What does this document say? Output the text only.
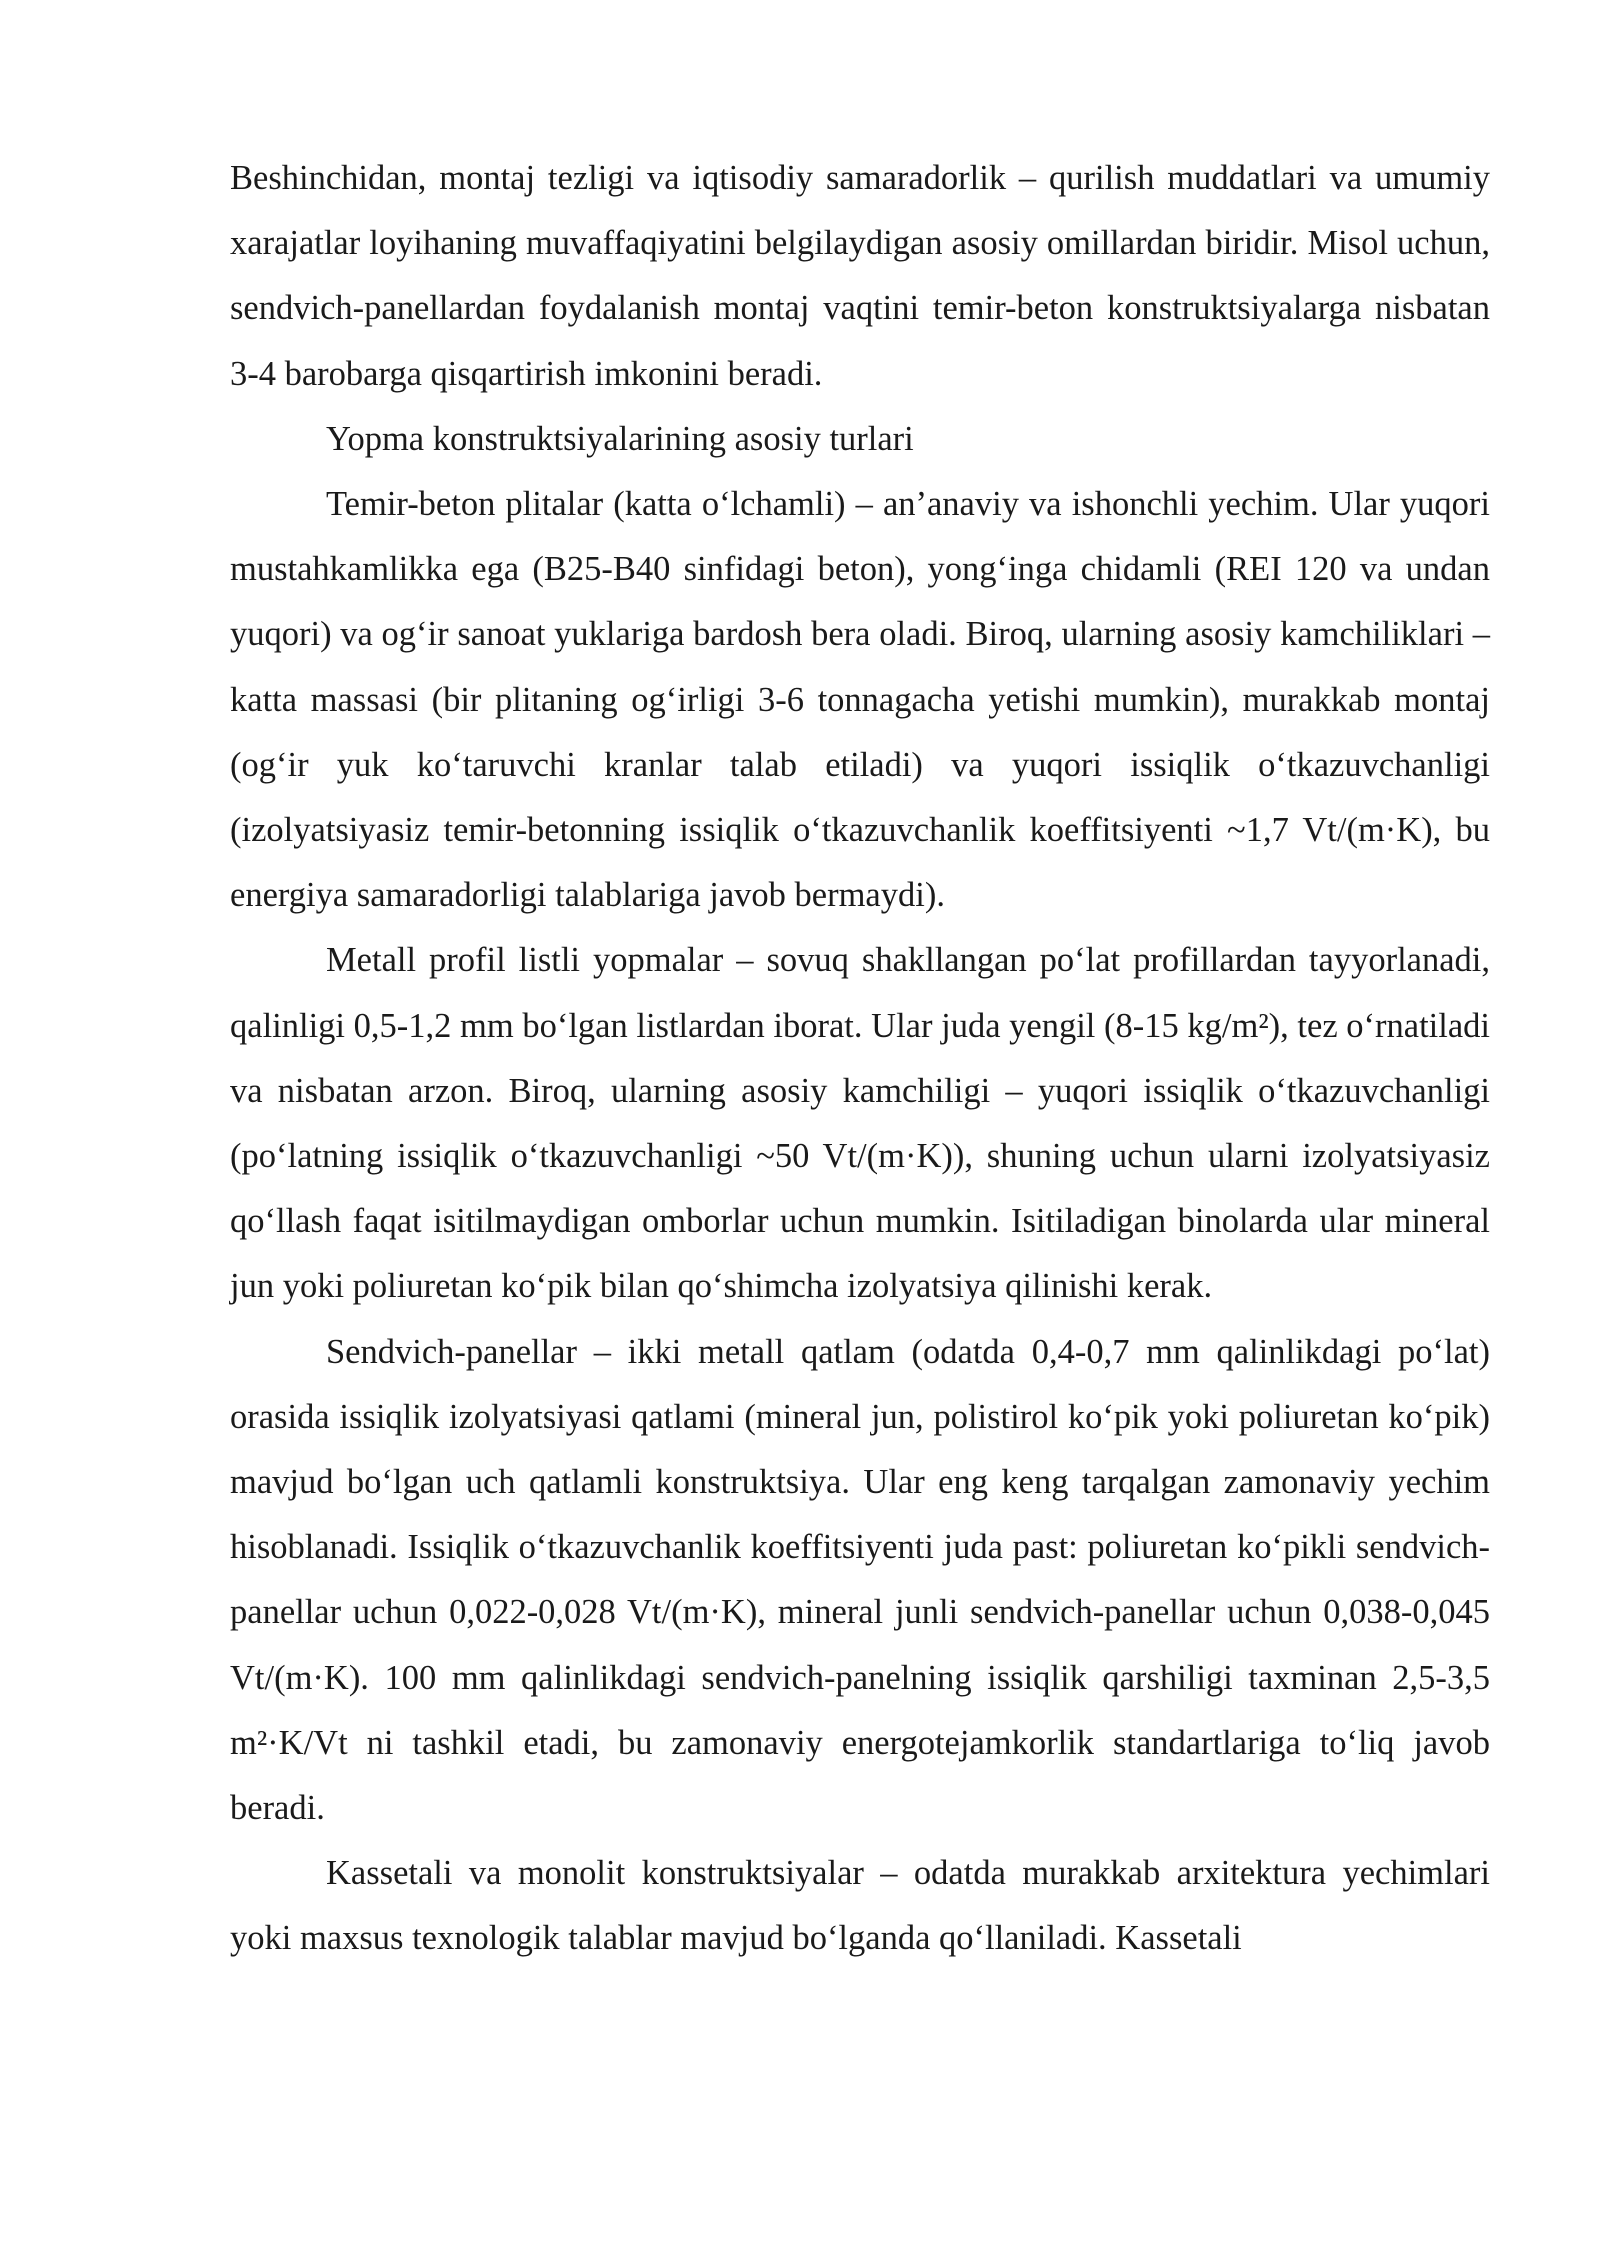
Beshinchidan, montaj tezligi va iqtisodiy samaradorlik – qurilish muddatlari va umumiy xarajatlar loyihaning muvaffaqiyatini belgilaydigan asosiy omillardan biridir. Misol uchun, sendvich-panellardan foydalanish montaj vaqtini temir-beton konstruktsiyalarga nisbatan 3-4 barobarga qisqartirish imkonini beradi.

Yopma konstruktsiyalarining asosiy turlari

Temir-beton plitalar (katta oʻlchamli) – an’anaviy va ishonchli yechim. Ular yuqori mustahkamlikka ega (B25-B40 sinfidagi beton), yongʻinga chidamli (REI 120 va undan yuqori) va ogʻir sanoat yuklariga bardosh bera oladi. Biroq, ularning asosiy kamchiliklari – katta massasi (bir plitaning ogʻirligi 3-6 tonnagacha yetishi mumkin), murakkab montaj (ogʻir yuk koʻtaruvchi kranlar talab etiladi) va yuqori issiqlik oʻtkazuvchanligi (izolyatsiyasiz temir-betonning issiqlik oʻtkazuvchanlik koeffitsiyenti ~1,7 Vt/(m·K), bu energiya samaradorligi talablariga javob bermaydi).

Metall profil listli yopmalar – sovuq shakllangan poʻlat profillardan tayyorlanadi, qalinligi 0,5-1,2 mm boʻlgan listlardan iborat. Ular juda yengil (8-15 kg/m²), tez oʻrnatiladi va nisbatan arzon. Biroq, ularning asosiy kamchiligi – yuqori issiqlik oʻtkazuvchanligi (poʻlatning issiqlik oʻtkazuvchanligi ~50 Vt/(m·K)), shuning uchun ularni izolyatsiyasiz qoʻllash faqat isitilmaydigan omborlar uchun mumkin. Isitiladigan binolarda ular mineral jun yoki poliuretan koʻpik bilan qoʻshimcha izolyatsiya qilinishi kerak.

Sendvich-panellar – ikki metall qatlam (odatda 0,4-0,7 mm qalinlikdagi poʻlat) orasida issiqlik izolyatsiyasi qatlami (mineral jun, polistirol koʻpik yoki poliuretan koʻpik) mavjud boʻlgan uch qatlamli konstruktsiya. Ular eng keng tarqalgan zamonaviy yechim hisoblanadi. Issiqlik oʻtkazuvchanlik koeffitsiyenti juda past: poliuretan koʻpikli sendvich-panellar uchun 0,022-0,028 Vt/(m·K), mineral junli sendvich-panellar uchun 0,038-0,045 Vt/(m·K). 100 mm qalinlikdagi sendvich-panelning issiqlik qarshiligi taxminan 2,5-3,5 m²·K/Vt ni tashkil etadi, bu zamonaviy energotejamkorlik standartlariga toʻliq javob beradi.

Kassetali va monolit konstruktsiyalar – odatda murakkab arxitektura yechimlari yoki maxsus texnologik talablar mavjud boʻlganda qoʻllaniladi. Kassetali
